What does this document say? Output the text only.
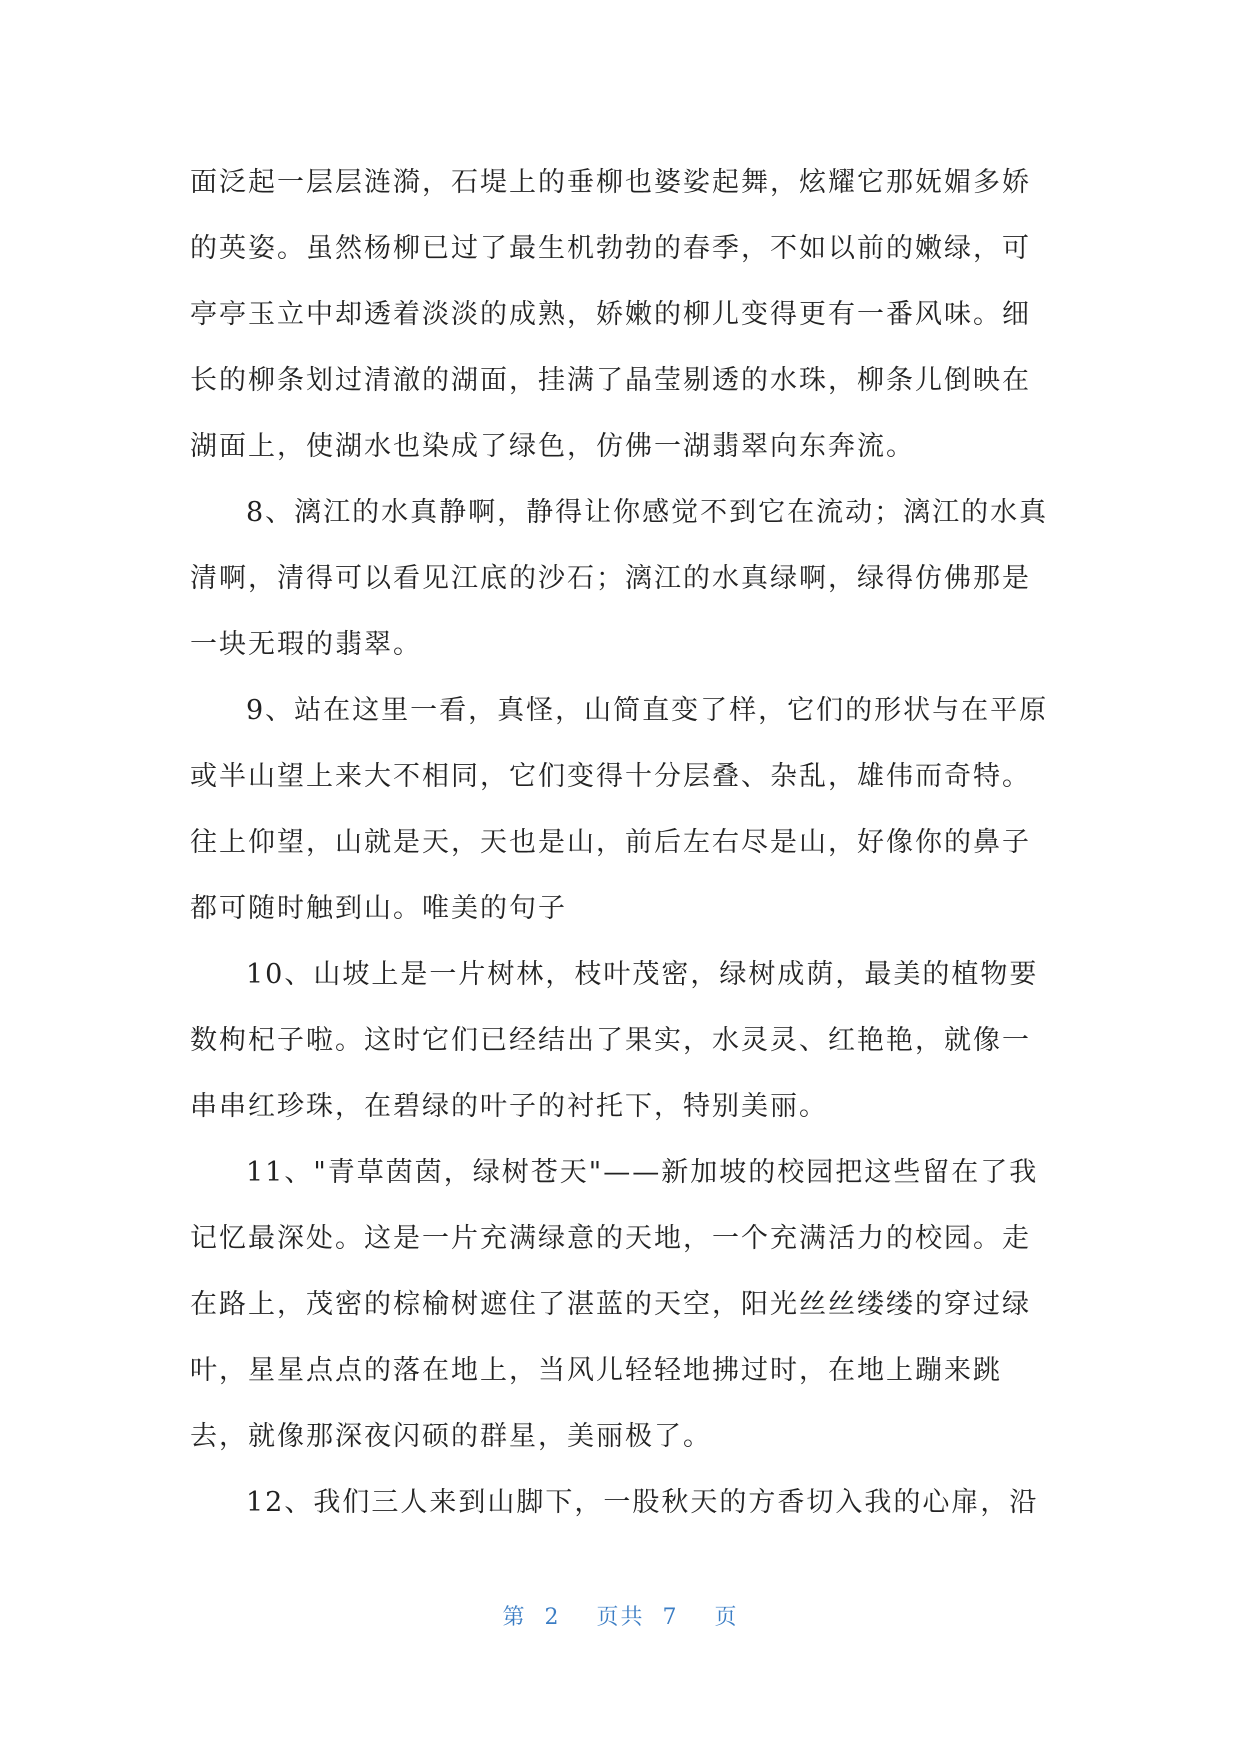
面泛起一层层涟漪，石堤上的垂柳也婆娑起舞，炫耀它那妩媚多娇
的英姿。虽然杨柳已过了最生机勃勃的春季，不如以前的嫩绿，可
亭亭玉立中却透着淡淡的成熟，娇嫩的柳儿变得更有一番风味。细
长的柳条划过清澈的湖面，挂满了晶莹剔透的水珠，柳条儿倒映在
湖面上，使湖水也染成了绿色，仿佛一湖翡翠向东奔流。
8、漓江的水真静啊，静得让你感觉不到它在流动；漓江的水真
清啊，清得可以看见江底的沙石；漓江的水真绿啊，绿得仿佛那是
一块无瑕的翡翠。
9、站在这里一看，真怪，山简直变了样，它们的形状与在平原
或半山望上来大不相同，它们变得十分层叠、杂乱，雄伟而奇特。
往上仰望，山就是天，天也是山，前后左右尽是山，好像你的鼻子
都可随时触到山。唯美的句子
10、山坡上是一片树林，枝叶茂密，绿树成荫，最美的植物要
数枸杞子啦。这时它们已经结出了果实，水灵灵、红艳艳，就像一
串串红珍珠，在碧绿的叶子的衬托下，特别美丽。
11、"青草茵茵，绿树苍天"——新加坡的校园把这些留在了我
记忆最深处。这是一片充满绿意的天地，一个充满活力的校园。走
在路上，茂密的棕榆树遮住了湛蓝的天空，阳光丝丝缕缕的穿过绿
叶，星星点点的落在地上，当风儿轻轻地拂过时，在地上蹦来跳
去，就像那深夜闪硕的群星，美丽极了。
12、我们三人来到山脚下，一股秋天的方香切入我的心扉，沿
第 2 页共 7 页
